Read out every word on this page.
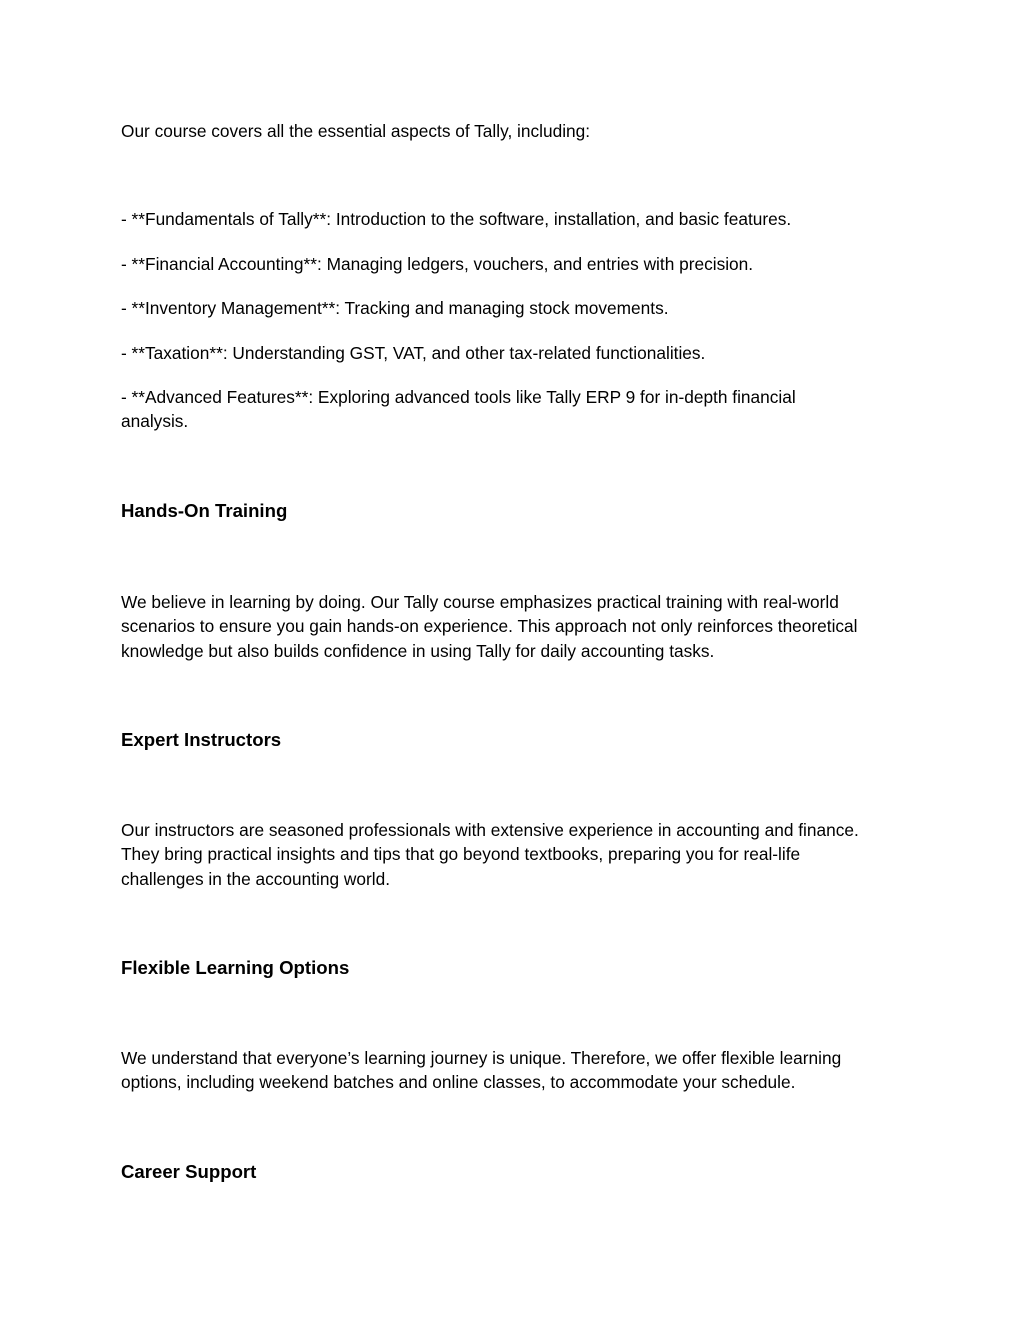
Our course covers all the essential aspects of Tally, including:

- **Fundamentals of Tally**: Introduction to the software, installation, and basic features.

- **Financial Accounting**: Managing ledgers, vouchers, and entries with precision.

- **Inventory Management**: Tracking and managing stock movements.

- **Taxation**: Understanding GST, VAT, and other tax-related functionalities.

- **Advanced Features**: Exploring advanced tools like Tally ERP 9 for in-depth financial analysis.

Hands-On Training

We believe in learning by doing. Our Tally course emphasizes practical training with real-world scenarios to ensure you gain hands-on experience. This approach not only reinforces theoretical knowledge but also builds confidence in using Tally for daily accounting tasks.

Expert Instructors

Our instructors are seasoned professionals with extensive experience in accounting and finance. They bring practical insights and tips that go beyond textbooks, preparing you for real-life challenges in the accounting world.

Flexible Learning Options

We understand that everyone’s learning journey is unique. Therefore, we offer flexible learning options, including weekend batches and online classes, to accommodate your schedule.

Career Support
